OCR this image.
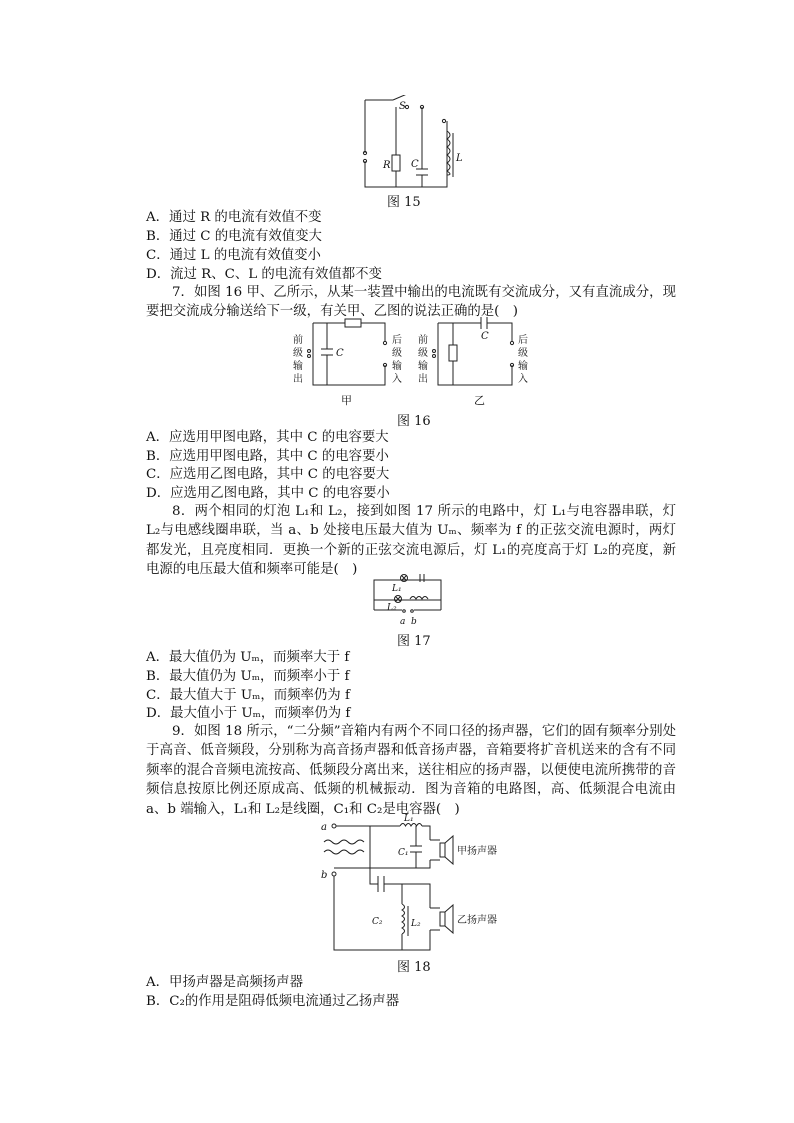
S
R C
L
图 15
A．通过 R 的电流有效值不变
B．通过 C 的电流有效值变大
C．通过 L 的电流有效值变小
D．流过 R、C、L 的电流有效值都不变
7．如图 16 甲、乙所示，从某一装置中输出的电流既有交流成分，又有直流成分，现要把交流成分输送给下一级，有关甲、乙图的说法正确的是(　)
前
级
输
出
C
后
级
输
入
甲
前
级
输
出
C	后
级
输
入
乙
图 16
A．应选用甲图电路，其中 C 的电容要大
B．应选用甲图电路，其中 C 的电容要小
C．应选用乙图电路，其中 C 的电容要大
D．应选用乙图电路，其中 C 的电容要小
8．两个相同的灯泡 L₁和 L₂，接到如图 17 所示的电路中，灯 L₁与电容器串联，灯 L₂与电感线圈串联，当 a、b 处接电压最大值为 Uₘ、频率为 f 的正弦交流电源时，两灯都发光，且亮度相同．更换一个新的正弦交流电源后，灯 L₁的亮度高于灯 L₂的亮度，新电源的电压最大值和频率可能是(　)
L₁
L₂
a b
图 17
A．最大值仍为 Uₘ，而频率大于 f
B．最大值仍为 Uₘ，而频率小于 f
C．最大值大于 Uₘ，而频率仍为 f
D．最大值小于 Uₘ，而频率仍为 f
9．如图 18 所示，“二分频”音箱内有两个不同口径的扬声器，它们的固有频率分别处于高音、低音频段，分别称为高音扬声器和低音扬声器，音箱要将扩音机送来的含有不同频率的混合音频电流按高、低频段分离出来，送往相应的扬声器，以便使电流所携带的音频信息按原比例还原成高、低频的机械振动．图为音箱的电路图，高、低频混合电流由 a、b 端输入，L₁和 L₂是线圈，C₁和 C₂是电容器(　)
a
b
L₁
C₁
C₂	L₂
甲扬声器
乙扬声器
图 18
A．甲扬声器是高频扬声器
B．C₂的作用是阻碍低频电流通过乙扬声器
